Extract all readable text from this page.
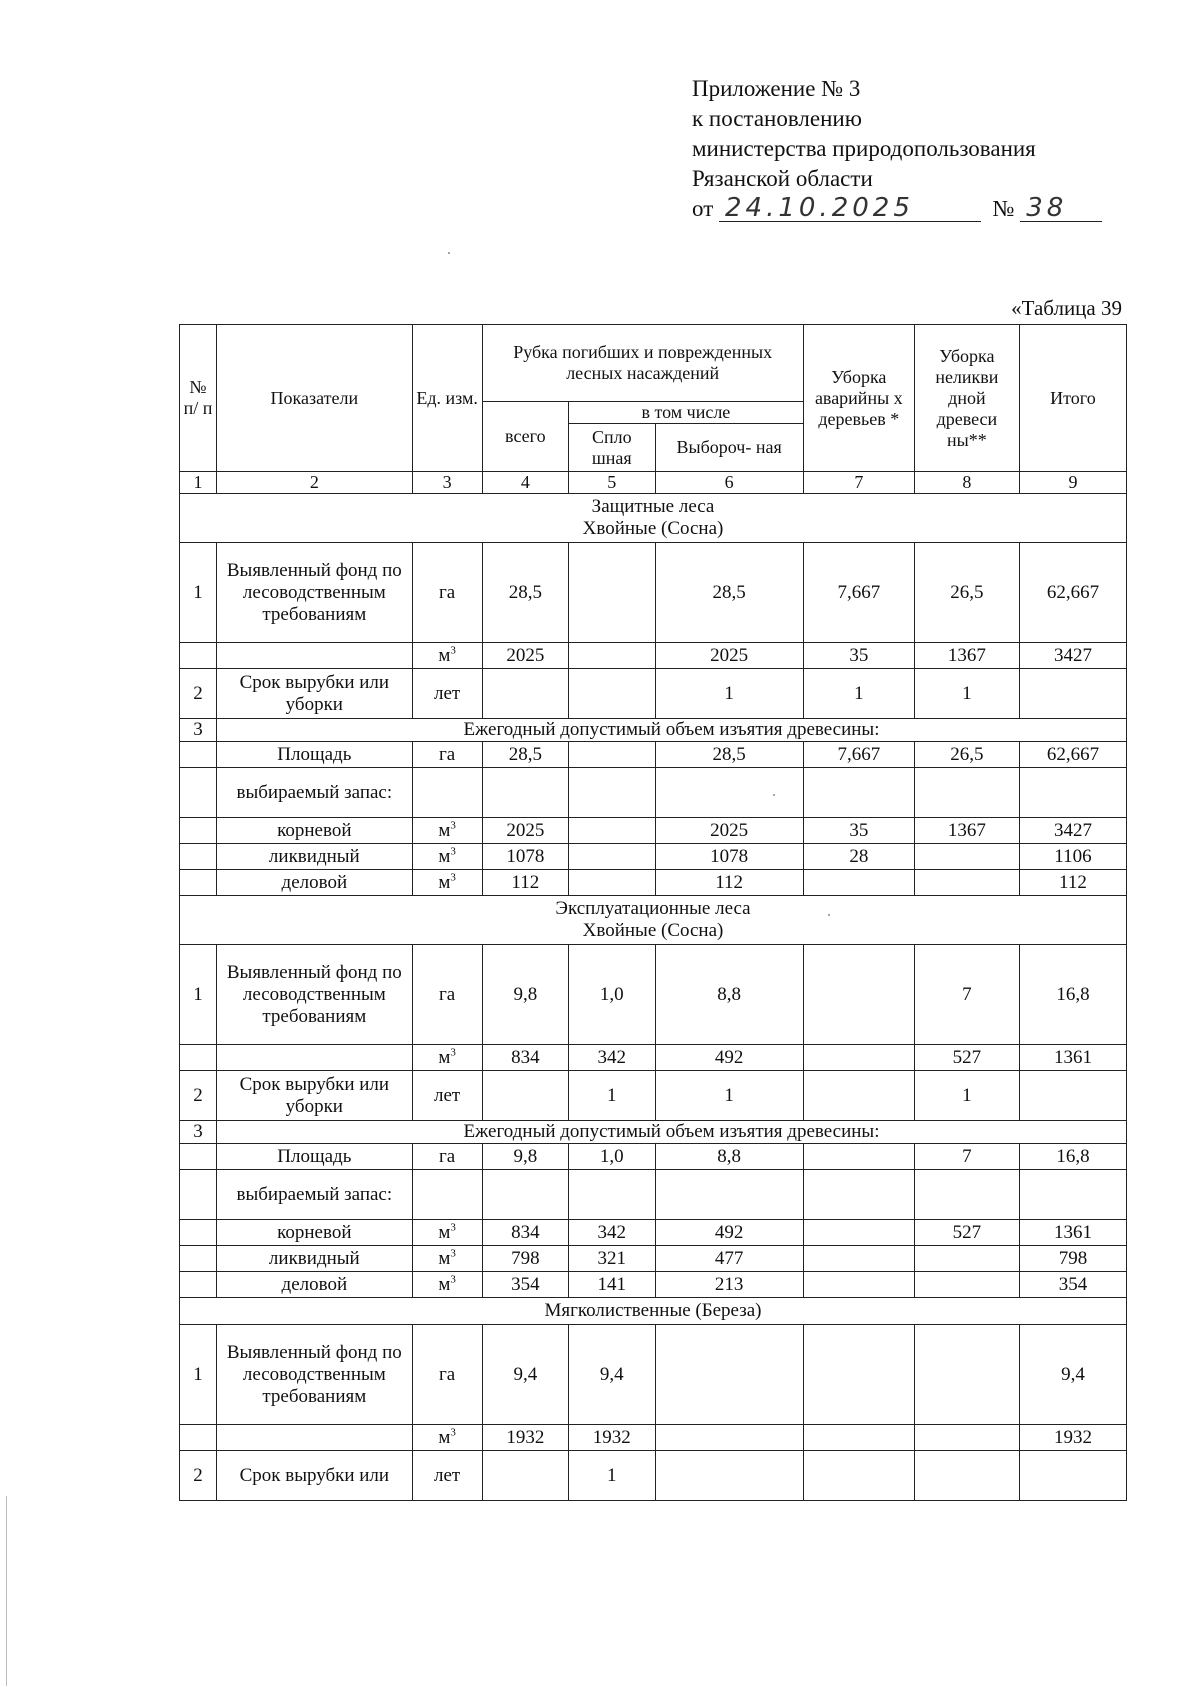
Приложение № 3
к постановлению
министерства природопользования
Рязанской области
от 24.10.2025	№ 38
«Таблица 39
№ п/ п	Показатели	Ед. изм.	Рубка погибших и поврежденных лесных насаждений			Уборка аварийны х деревьев *	Уборка неликви дной древеси ны**	Итого
			всего	в том числе				
				Спло шная	Выбороч- ная			
1	2	3	4	5	6	7	8	9

Защитные леса
Хвойные (Сосна)								

1	Выявленный фонд по лесоводственным требованиям	га	28,5		28,5	7,667	26,5	62,667
		$м^3$	2025		2025	35	1367	3427
2	Срок вырубки или уборки	лет			1	1	1	
3	Ежегодный допустимый объем изъятия древесины:							
	Площадь	га	28,5		28,5	7,667	26,5	62,667
	выбираемый запас:							
	корневой	$м^3$	2025		2025	35	1367	3427
	ликвидный	$м^3$	1078		1078	28		1106
	деловой	$м^3$	112		112			112

Эксплуатационные леса
Хвойные (Сосна)								

1	Выявленный фонд по лесоводственным требованиям	га	9,8	1,0	8,8		7	16,8
		$м^3$	834	342	492		527	1361
2	Срок вырубки или уборки	лет		1	1		1	
3	Ежегодный допустимый объем изъятия древесины:							
	Площадь	га	9,8	1,0	8,8		7	16,8
	выбираемый запас:							
	корневой	$м^3$	834	342	492		527	1361
	ликвидный	$м^3$	798	321	477			798
	деловой	$м^3$	354	141	213			354

Мягколиственные (Береза)								

1	Выявленный фонд по лесоводственным требованиям	га	9,4	9,4				9,4
		$м^3$	1932	1932				1932
2	Срок вырубки или	лет		1				
